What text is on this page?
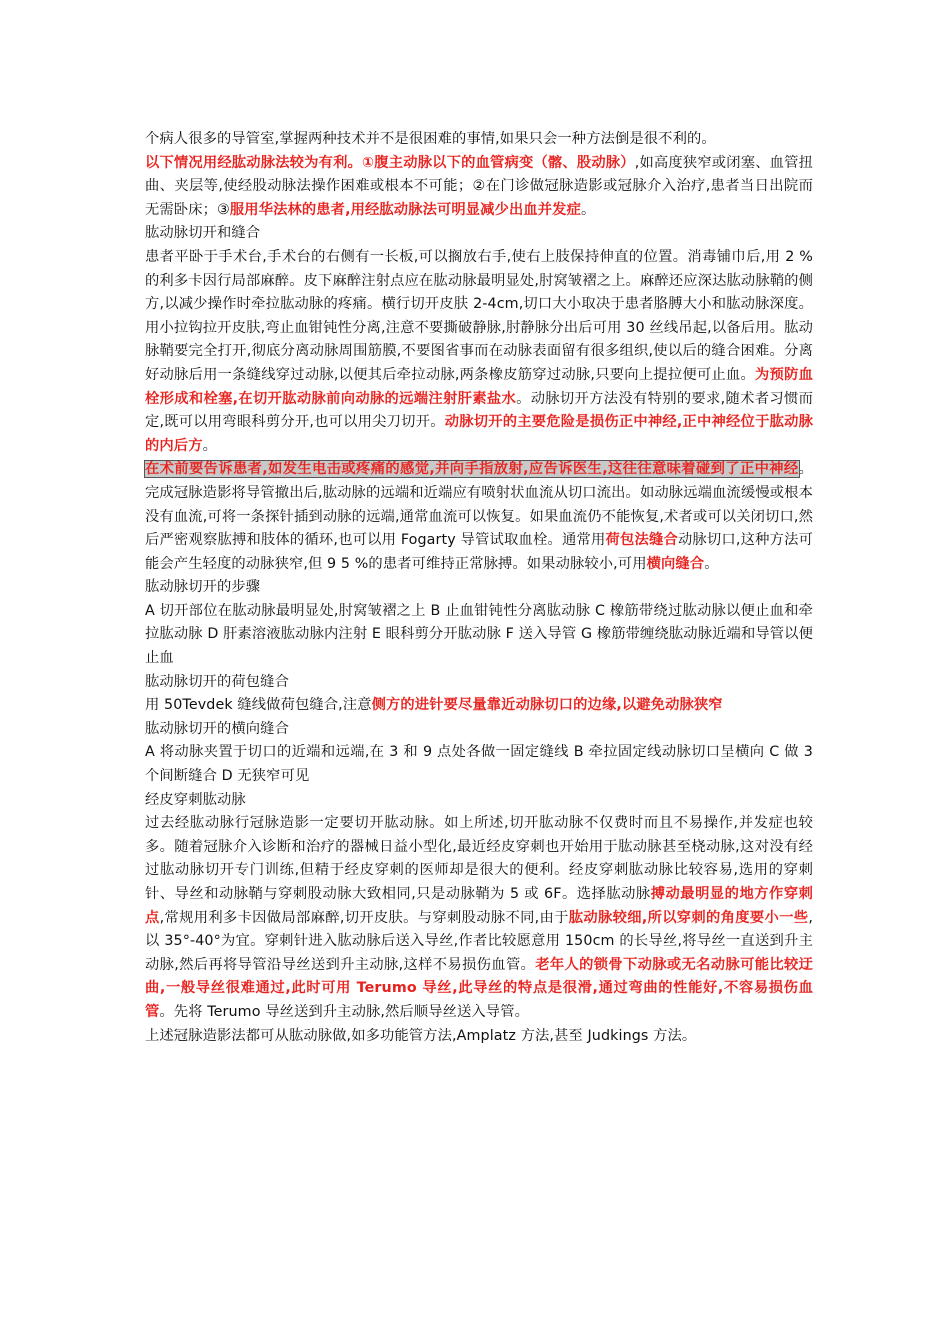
个病人很多的导管室,掌握两种技术并不是很困难的事情,如果只会一种方法倒是很不利的。

以下情况用经肱动脉法较为有利。①腹主动脉以下的血管病变（髂、股动脉）,如高度狭窄或闭塞、血管扭曲、夹层等,使经股动脉法操作困难或根本不可能；②在门诊做冠脉造影或冠脉介入治疗,患者当日出院而无需卧床；③服用华法林的患者,用经肱动脉法可明显减少出血并发症。

肱动脉切开和缝合

患者平卧于手术台,手术台的右侧有一长板,可以搁放右手,使右上肢保持伸直的位置。消毒铺巾后,用 2 %的利多卡因行局部麻醉。皮下麻醉注射点应在肱动脉最明显处,肘窝皱褶之上。麻醉还应深达肱动脉鞘的侧方,以减少操作时牵拉肱动脉的疼痛。横行切开皮肤 2-4cm,切口大小取决于患者胳膊大小和肱动脉深度。用小拉钩拉开皮肤,弯止血钳钝性分离,注意不要撕破静脉,肘静脉分出后可用 30 丝线吊起,以备后用。肱动脉鞘要完全打开,彻底分离动脉周围筋膜,不要图省事而在动脉表面留有很多组织,使以后的缝合困难。分离好动脉后用一条缝线穿过动脉,以便其后牵拉动脉,两条橡皮筋穿过动脉,只要向上提拉便可止血。为预防血栓形成和栓塞,在切开肱动脉前向动脉的远端注射肝素盐水。动脉切开方法没有特别的要求,随术者习惯而定,既可以用弯眼科剪分开,也可以用尖刀切开。动脉切开的主要危险是损伤正中神经,正中神经位于肱动脉的内后方。

在术前要告诉患者,如发生电击或疼痛的感觉,并向手指放射,应告诉医生,这往往意味着碰到了正中神经。完成冠脉造影将导管撤出后,肱动脉的远端和近端应有喷射状血流从切口流出。如动脉远端血流缓慢或根本没有血流,可将一条探针插到动脉的远端,通常血流可以恢复。如果血流仍不能恢复,术者或可以关闭切口,然后严密观察肱搏和肢体的循环,也可以用 Fogarty 导管试取血栓。通常用荷包法缝合动脉切口,这种方法可能会产生轻度的动脉狭窄,但 9 5 %的患者可维持正常脉搏。如果动脉较小,可用横向缝合。

肱动脉切开的步骤

A 切开部位在肱动脉最明显处,肘窝皱褶之上 B 止血钳钝性分离肱动脉 C 橡筋带绕过肱动脉以便止血和牵拉肱动脉 D 肝素溶液肱动脉内注射 E 眼科剪分开肱动脉 F 送入导管 G 橡筋带缠绕肱动脉近端和导管以便止血

肱动脉切开的荷包缝合

用 50Tevdek 缝线做荷包缝合,注意侧方的进针要尽量靠近动脉切口的边缘,以避免动脉狭窄

肱动脉切开的横向缝合

A 将动脉夹置于切口的近端和远端,在 3 和 9 点处各做一固定缝线 B 牵拉固定线动脉切口呈横向 C 做 3 个间断缝合 D 无狭窄可见

经皮穿刺肱动脉

过去经肱动脉行冠脉造影一定要切开肱动脉。如上所述,切开肱动脉不仅费时而且不易操作,并发症也较多。随着冠脉介入诊断和治疗的器械日益小型化,最近经皮穿刺也开始用于肱动脉甚至桡动脉,这对没有经过肱动脉切开专门训练,但精于经皮穿刺的医师却是很大的便利。经皮穿刺肱动脉比较容易,选用的穿刺针、导丝和动脉鞘与穿刺股动脉大致相同,只是动脉鞘为 5 或 6F。选择肱动脉搏动最明显的地方作穿刺点,常规用利多卡因做局部麻醉,切开皮肤。与穿刺股动脉不同,由于肱动脉较细,所以穿刺的角度要小一些,以 35°-40°为宜。穿刺针进入肱动脉后送入导丝,作者比较愿意用 150cm 的长导丝,将导丝一直送到升主动脉,然后再将导管沿导丝送到升主动脉,这样不易损伤血管。老年人的锁骨下动脉或无名动脉可能比较迂曲,一般导丝很难通过,此时可用 Terumo 导丝,此导丝的特点是很滑,通过弯曲的性能好,不容易损伤血管。先将 Terumo 导丝送到升主动脉,然后顺导丝送入导管。

上述冠脉造影法都可从肱动脉做,如多功能管方法,Amplatz 方法,甚至 Judkings 方法。
